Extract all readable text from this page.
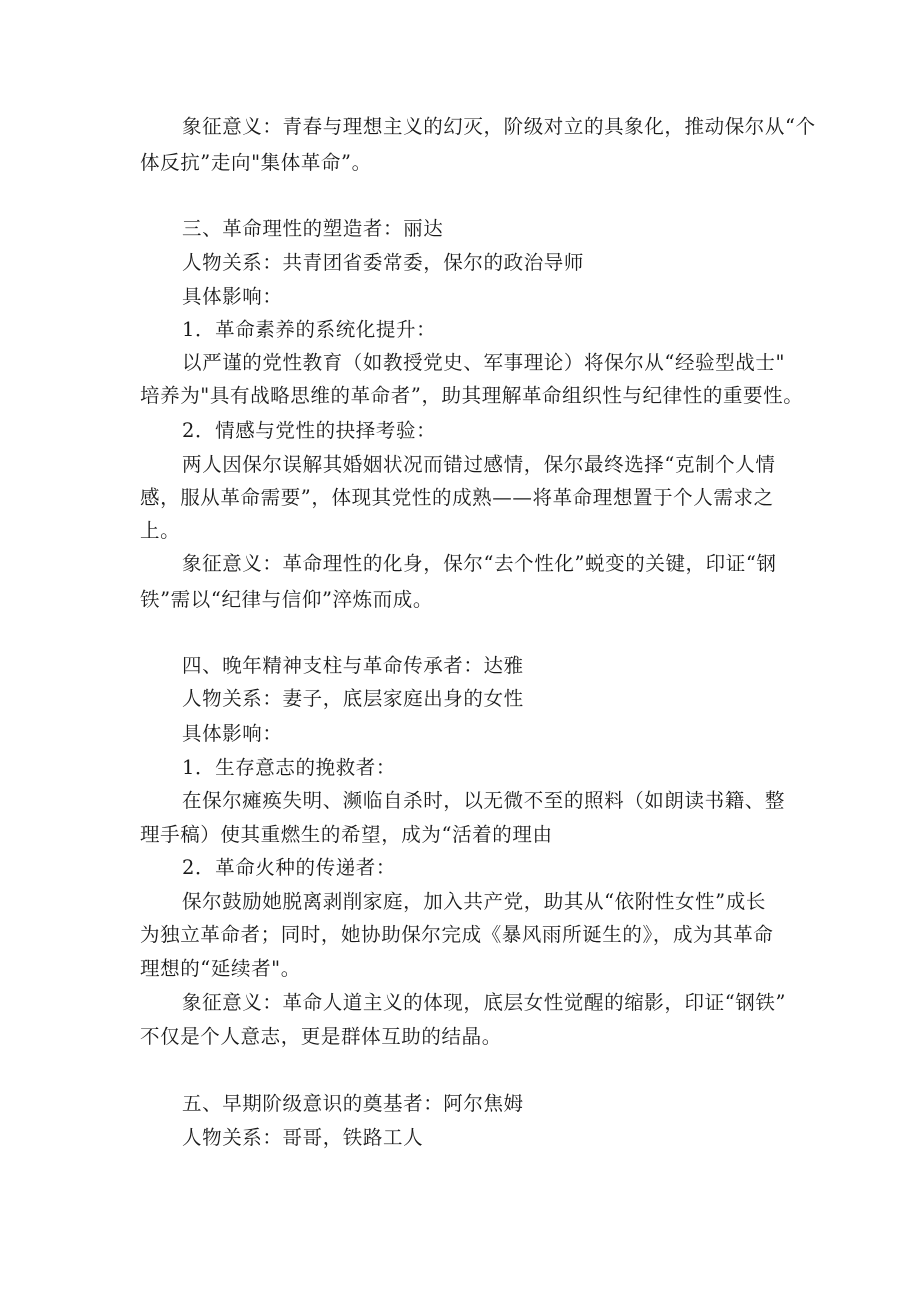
象征意义：青春与理想主义的幻灭，阶级对立的具象化，推动保尔从“个
体反抗”走向"集体革命”。
三、革命理性的塑造者：丽达
人物关系：共青团省委常委，保尔的政治导师
具体影响：
1．革命素养的系统化提升：
以严谨的党性教育（如教授党史、军事理论）将保尔从“经验型战士"
培养为"具有战略思维的革命者”，助其理解革命组织性与纪律性的重要性。
2．情感与党性的抉择考验：
两人因保尔误解其婚姻状况而错过感情，保尔最终选择“克制个人情
感，服从革命需要”，体现其党性的成熟——将革命理想置于个人需求之
上。
象征意义：革命理性的化身，保尔“去个性化”蜕变的关键，印证“钢
铁”需以“纪律与信仰”淬炼而成。
四、晚年精神支柱与革命传承者：达雅
人物关系：妻子，底层家庭出身的女性
具体影响：
1．生存意志的挽救者：
在保尔瘫痪失明、濒临自杀时，以无微不至的照料（如朗读书籍、整
理手稿）使其重燃生的希望，成为“活着的理由
2．革命火种的传递者：
保尔鼓励她脱离剥削家庭，加入共产党，助其从“依附性女性”成长
为独立革命者；同时，她协助保尔完成《暴风雨所诞生的》，成为其革命
理想的“延续者"。
象征意义：革命人道主义的体现，底层女性觉醒的缩影，印证“钢铁”
不仅是个人意志，更是群体互助的结晶。
五、早期阶级意识的奠基者：阿尔焦姆
人物关系：哥哥，铁路工人
